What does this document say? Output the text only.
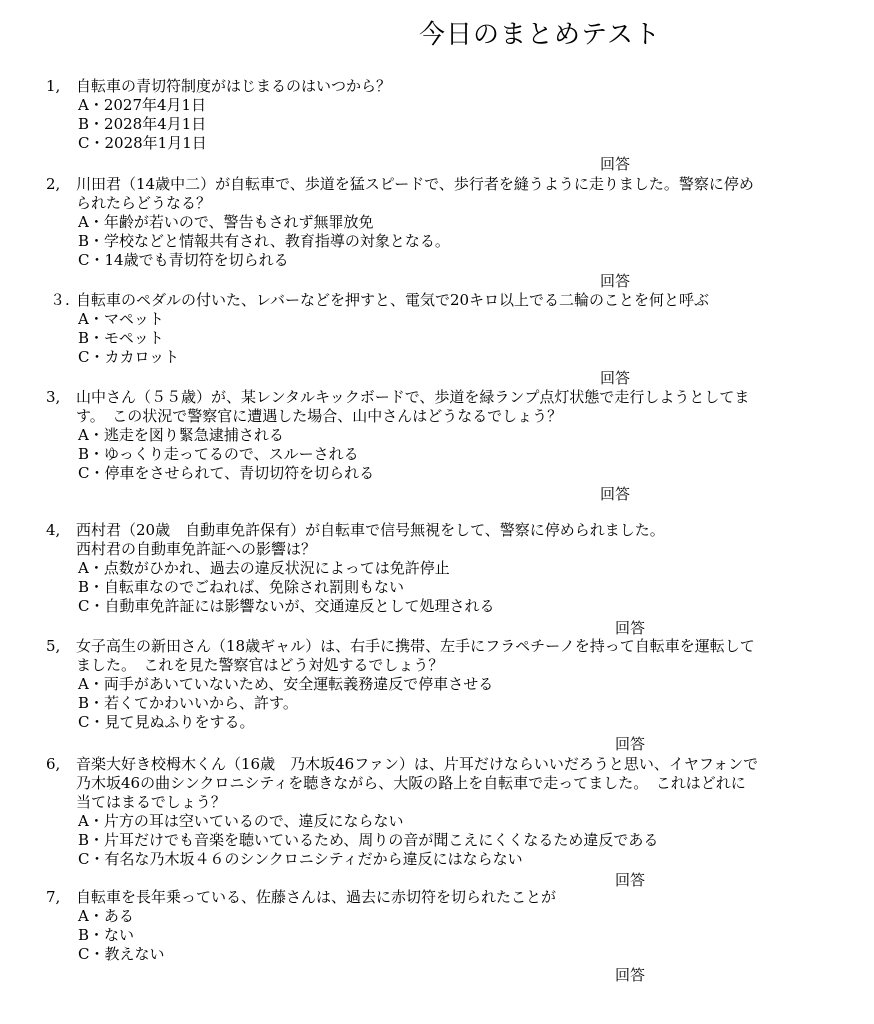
今日のまとめテスト
1, 自転車の青切符制度がはじまるのはいつから？
A・2027年4月1日
B・2028年4月1日
C・2028年1月1日
回答
2, 川田君（14歳中二）が自転車で、歩道を猛スピードで、歩行者を縫うように走りました。警察に停め
られたらどうなる？
A・年齢が若いので、警告もされず無罪放免
B・学校などと情報共有され、教育指導の対象となる。
C・14歳でも青切符を切られる
回答
３. 自転車のペダルの付いた、レバーなどを押すと、電気で20キロ以上でる二輪のことを何と呼ぶ
A・マペット
B・モペット
C・カカロット
回答
3, 山中さん（５５歳）が、某レンタルキックボードで、歩道を緑ランプ点灯状態で走行しようとしてま
す。　この状況で警察官に遭遇した場合、山中さんはどうなるでしょう？
A・逃走を図り緊急逮捕される
B・ゆっくり走ってるので、スルーされる
C・停車をさせられて、青切切符を切られる
回答
4, 西村君（20歳　自動車免許保有）が自転車で信号無視をして、警察に停められました。
西村君の自動車免許証への影響は？
A・点数がひかれ、過去の違反状況によっては免許停止
B・自転車なのでごねれば、免除され罰則もない
C・自動車免許証には影響ないが、交通違反として処理される
回答
5, 女子高生の新田さん（18歳ギャル）は、右手に携帯、左手にフラペチーノを持って自転車を運転して
ました。　これを見た警察官はどう対処するでしょう？
A・両手があいていないため、安全運転義務違反で停車させる
B・若くてかわいいから、許す。
C・見て見ぬふりをする。
回答
6, 音楽大好き校栂木くん（16歳　乃木坂46ファン）は、片耳だけならいいだろうと思い、イヤフォンで
乃木坂46の曲シンクロニシティを聴きながら、大阪の路上を自転車で走ってました。　これはどれに
当てはまるでしょう？
A・片方の耳は空いているので、違反にならない
B・片耳だけでも音楽を聴いているため、周りの音が聞こえにくくなるため違反である
C・有名な乃木坂４６のシンクロニシティだから違反にはならない
回答
7, 自転車を長年乗っている、佐藤さんは、過去に赤切符を切られたことが
A・ある
B・ない
C・教えない
回答
